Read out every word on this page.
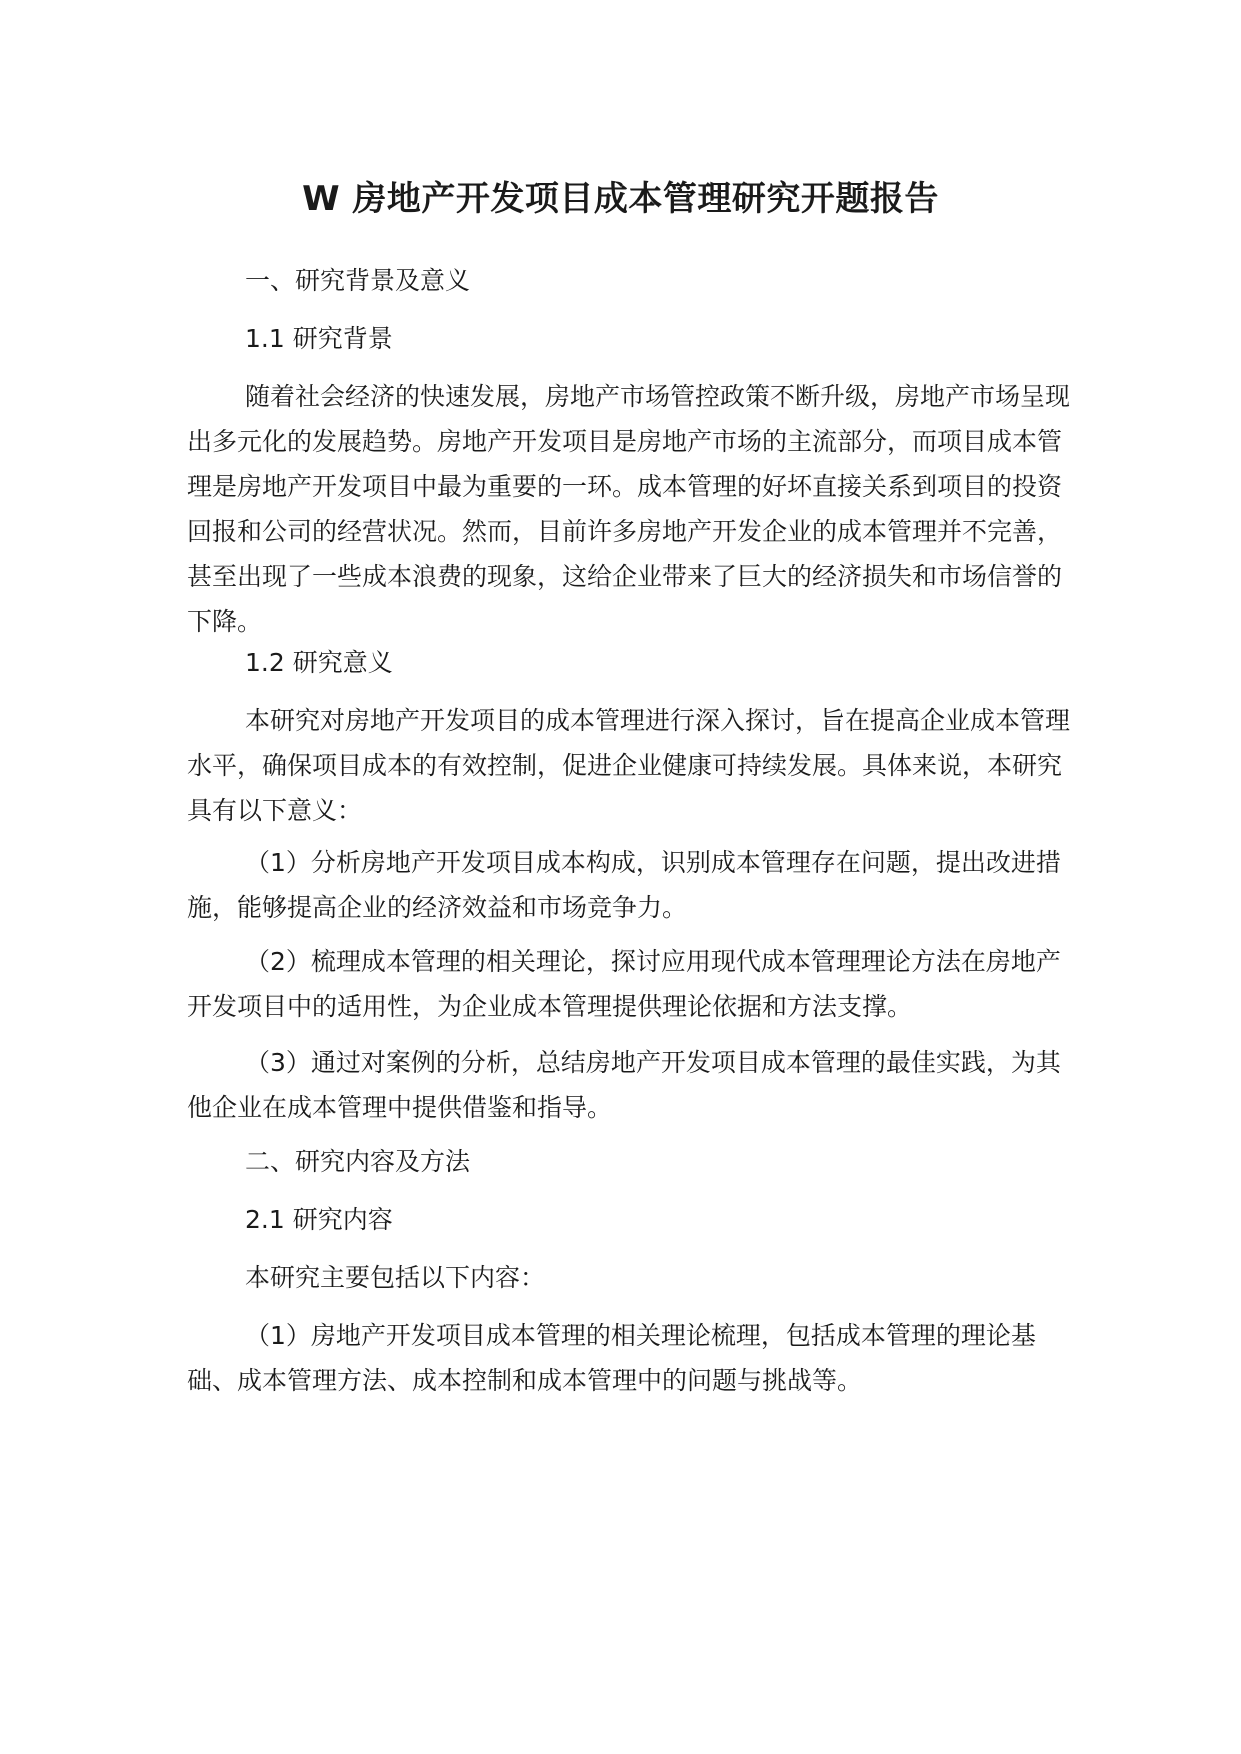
W 房地产开发项目成本管理研究开题报告

一、研究背景及意义

1.1 研究背景

随着社会经济的快速发展，房地产市场管控政策不断升级，房地产市场呈现出多元化的发展趋势。房地产开发项目是房地产市场的主流部分，而项目成本管理是房地产开发项目中最为重要的一环。成本管理的好坏直接关系到项目的投资回报和公司的经营状况。然而，目前许多房地产开发企业的成本管理并不完善，甚至出现了一些成本浪费的现象，这给企业带来了巨大的经济损失和市场信誉的下降。

1.2 研究意义

本研究对房地产开发项目的成本管理进行深入探讨，旨在提高企业成本管理水平，确保项目成本的有效控制，促进企业健康可持续发展。具体来说，本研究具有以下意义：

（1）分析房地产开发项目成本构成，识别成本管理存在问题，提出改进措施，能够提高企业的经济效益和市场竞争力。

（2）梳理成本管理的相关理论，探讨应用现代成本管理理论方法在房地产开发项目中的适用性，为企业成本管理提供理论依据和方法支撑。

（3）通过对案例的分析，总结房地产开发项目成本管理的最佳实践，为其他企业在成本管理中提供借鉴和指导。

二、研究内容及方法

2.1 研究内容

本研究主要包括以下内容：

（1）房地产开发项目成本管理的相关理论梳理，包括成本管理的理论基础、成本管理方法、成本控制和成本管理中的问题与挑战等。
